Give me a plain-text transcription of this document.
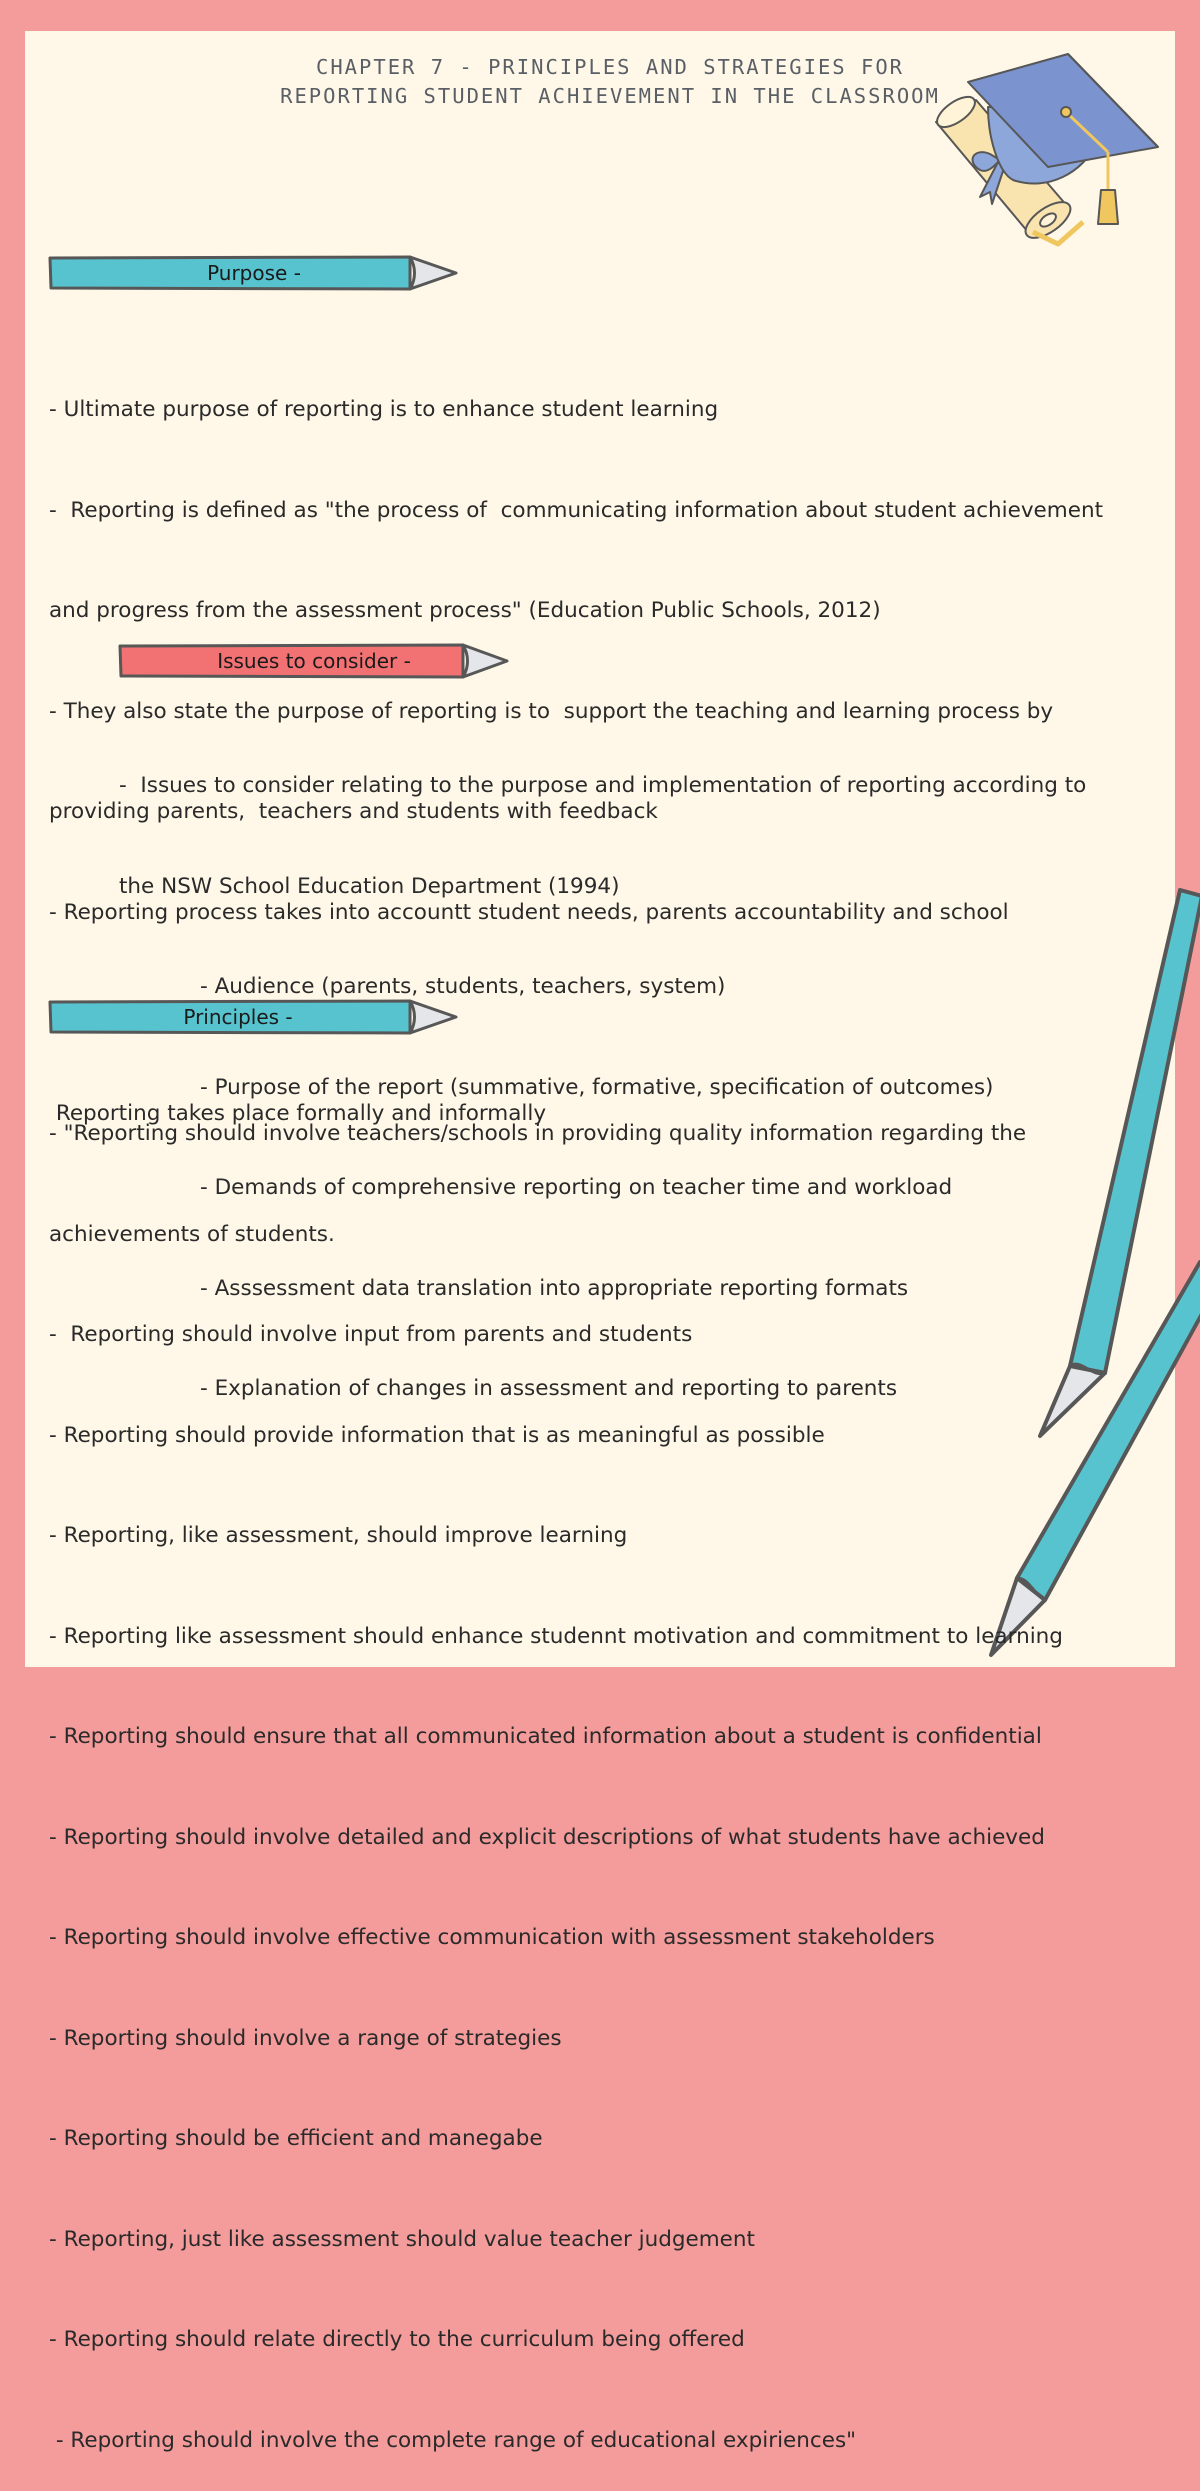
CHAPTER 7 - PRINCIPLES AND STRATEGIES FOR REPORTING STUDENT ACHIEVEMENT IN THE CLASSROOM
Purpose -

- Ultimate purpose of reporting is to enhance student learning

-  Reporting is defined as "the process of  communicating information about student achievement

and progress from the assessment process" (Education Public Schools, 2012)

- They also state the purpose of reporting is to  support the teaching and learning process by

providing parents,  teachers and students with feedback

- Reporting process takes into accountt student needs, parents accountability and school

Reporting takes place formally and informally

Issues to consider -

-  Issues to consider relating to the purpose and implementation of reporting according to

the NSW School Education Department (1994)

- Audience (parents, students, teachers, system)

- Purpose of the report (summative, formative, specification of outcomes)

- Demands of comprehensive reporting on teacher time and workload

- Asssessment data translation into appropriate reporting formats

- Explanation of changes in assessment and reporting to parents

Principles -

- "Reporting should involve teachers/schools in providing quality information regarding the

achievements of students.

-  Reporting should involve input from parents and students

- Reporting should provide information that is as meaningful as possible

- Reporting, like assessment, should improve learning

- Reporting like assessment should enhance studennt motivation and commitment to learning

- Reporting should ensure that all communicated information about a student is confidential

- Reporting should involve detailed and explicit descriptions of what students have achieved

- Reporting should involve effective communication with assessment stakeholders

- Reporting should involve a range of strategies

- Reporting should be efficient and manegabe

- Reporting, just like assessment should value teacher judgement

- Reporting should relate directly to the curriculum being offered

- Reporting should involve the complete range of educational expiriences"
